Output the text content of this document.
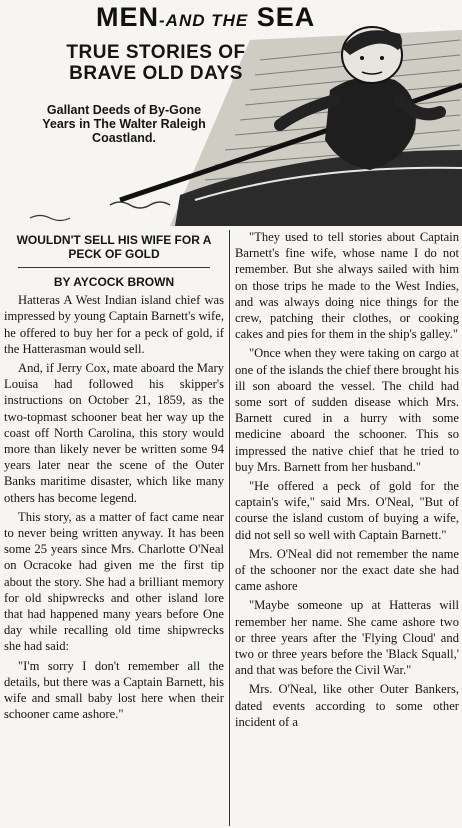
MEN-AND THE SEA
TRUE STORIES OF
BRAVE OLD DAYS
Gallant Deeds of By-Gone Years in The Walter Raleigh Coastland.
WOULDN'T SELL HIS WIFE FOR A PECK OF GOLD
BY AYCOCK BROWN

Hatteras A West Indian island chief was impressed by young Captain Barnett's wife, he offered to buy her for a peck of gold, if the Hatterasman would sell.

And, if Jerry Cox, mate aboard the Mary Louisa had followed his skipper's instructions on October 21, 1859, as the two-topmast schooner beat her way up the coast off North Carolina, this story would more than likely never be written some 94 years later near the scene of the Outer Banks maritime disaster, which like many others has become legend.

This story, as a matter of fact came near to never being written anyway. It has been some 25 years since Mrs. Charlotte O'Neal on Ocracoke had given me the first tip about the story. She had a brilliant memory for old shipwrecks and other island lore that had happened many years before One day while recalling old time shipwrecks she had said:

"I'm sorry I don't remember all the details, but there was a Captain Barnett, his wife and small baby lost here when their schooner came ashore."

"They used to tell stories about Captain Barnett's fine wife, whose name I do not remember. But she always sailed with him on those trips he made to the West Indies, and was always doing nice things for the crew, patching their clothes, or cooking cakes and pies for them in the ship's galley."

"Once when they were taking on cargo at one of the islands the chief there brought his ill son aboard the vessel. The child had some sort of sudden disease which Mrs. Barnett cured in a hurry with some medicine aboard the schooner. This so impressed the native chief that he tried to buy Mrs. Barnett from her husband."

"He offered a peck of gold for the captain's wife," said Mrs. O'Neal, "But of course the island custom of buying a wife, did not sell so well with Captain Barnett."

Mrs. O'Neal did not remember the name of the schooner nor the exact date she had came ashore

"Maybe someone up at Hatteras will remember her name. She came ashore two or three years after the 'Flying Cloud' and two or three years before the 'Black Squall,' and that was before the Civil War."

Mrs. O'Neal, like other Outer Bankers, dated events according to some other incident of a
